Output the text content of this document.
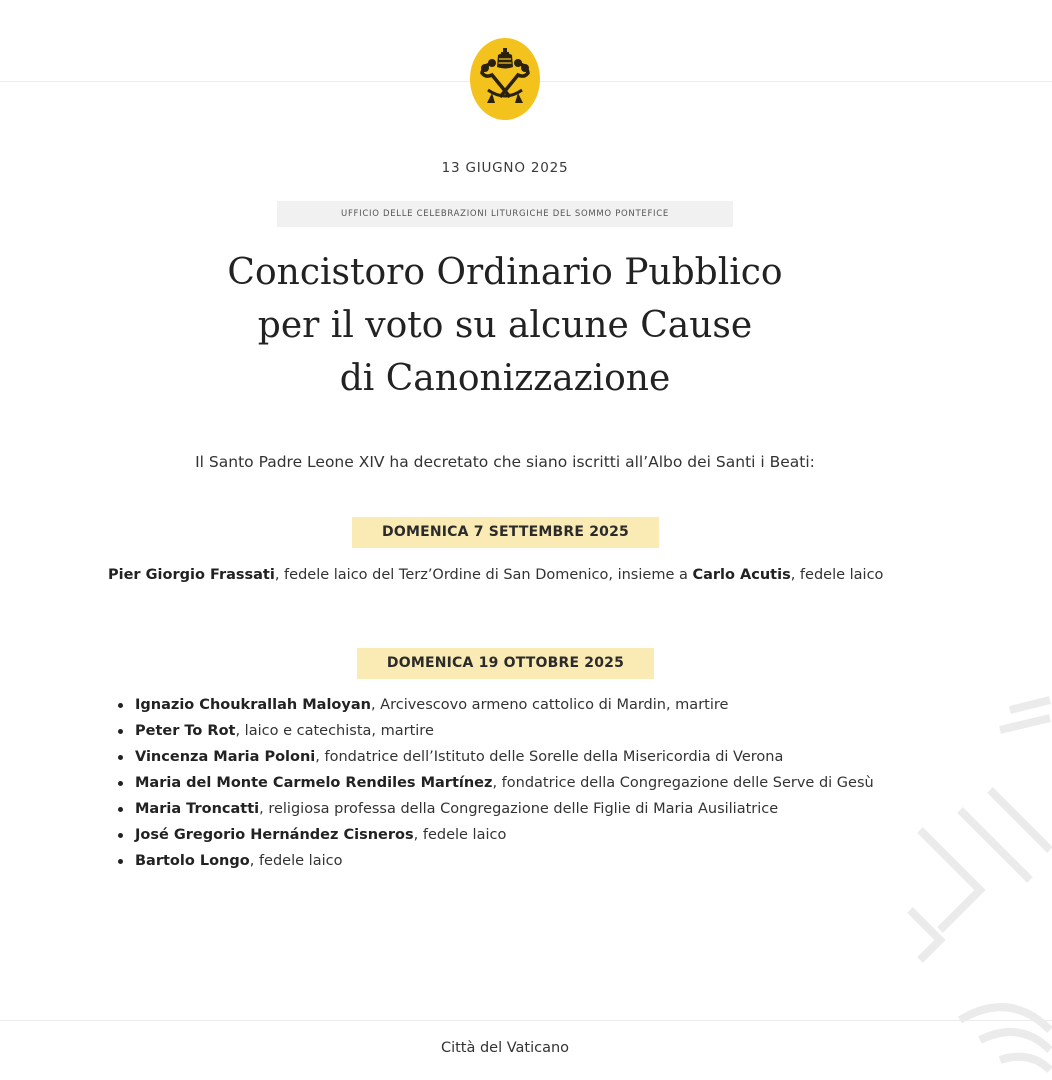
13 GIUGNO 2025
UFFICIO DELLE CELEBRAZIONI LITURGICHE DEL SOMMO PONTEFICE
Concistoro Ordinario Pubblico
per il voto su alcune Cause
di Canonizzazione
Il Santo Padre Leone XIV ha decretato che siano iscritti all’Albo dei Santi i Beati:
DOMENICA 7 SETTEMBRE 2025
Pier Giorgio Frassati, fedele laico del Terz’Ordine di San Domenico, insieme a Carlo Acutis, fedele laico
DOMENICA 19 OTTOBRE 2025
Ignazio Choukrallah Maloyan, Arcivescovo armeno cattolico di Mardin, martire
Peter To Rot, laico e catechista, martire
Vincenza Maria Poloni, fondatrice dell’Istituto delle Sorelle della Misericordia di Verona
Maria del Monte Carmelo Rendiles Martínez, fondatrice della Congregazione delle Serve di Gesù
Maria Troncatti, religiosa professa della Congregazione delle Figlie di Maria Ausiliatrice
José Gregorio Hernández Cisneros, fedele laico
Bartolo Longo, fedele laico
Città del Vaticano
